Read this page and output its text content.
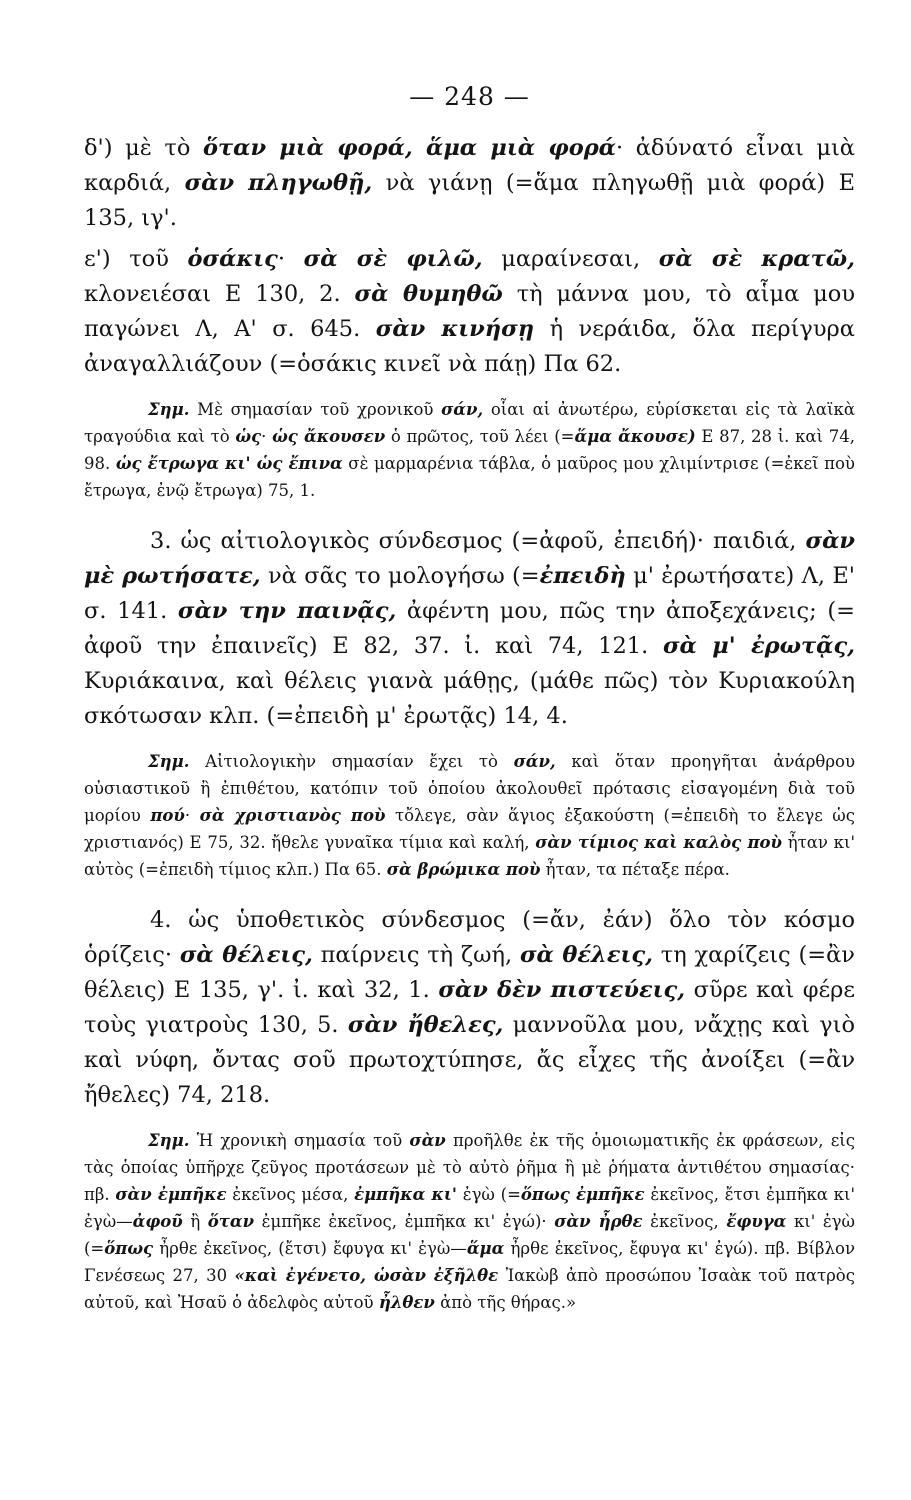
— 248 —

δ') μὲ τὸ ὅταν μιὰ φορά, ἅμα μιὰ φορά· ἀδύνατό εἶναι μιὰ καρδιά, σὰν πληγωθῇ, νὰ γιάνῃ (=ἅμα πληγωθῇ μιὰ φορά) Ε 135, ιγ'.

ε') τοῦ ὁσάκις· σὰ σὲ φιλῶ, μαραίνεσαι, σὰ σὲ κρατῶ, κλονειέσαι Ε 130, 2. σὰ θυμηθῶ τὴ μάννα μου, τὸ αἷμα μου παγώνει Λ, Α' σ. 645. σὰν κινήσῃ ἡ νεράιδα, ὅλα περίγυρα ἀναγαλλιάζουν (=ὁσάκις κινεῖ νὰ πάῃ) Πα 62.

Σημ. Μὲ σημασίαν τοῦ χρονικοῦ σάν, οἷαι αἱ ἀνωτέρω, εὑρίσκεται εἰς τὰ λαϊκὰ τραγούδια καὶ τὸ ὡς· ὡς ἄκουσεν ὁ πρῶτος, τοῦ λέει (=ἅμα ἄκουσε) Ε 87, 28 ἰ. καὶ 74, 98. ὡς ἔτρωγα κι' ὡς ἔπινα σὲ μαρμαρένια τάβλα, ὁ μαῦρος μου χλιμίντρισε (=ἐκεῖ ποὺ ἔτρωγα, ἐνῷ ἔτρωγα) 75, 1.

3. ὡς αἰτιολογικὸς σύνδεσμος (=ἀφοῦ, ἐπειδή)· παιδιά, σὰν μὲ ρωτήσατε, νὰ σᾶς το μολογήσω (=ἐπειδὴ μ' ἐρωτήσατε) Λ, Ε' σ. 141. σὰν την παινᾷς, ἀφέντη μου, πῶς την ἀποξεχάνεις; (= ἀφοῦ την ἐπαινεῖς) Ε 82, 37. ἰ. καὶ 74, 121. σὰ μ' ἐρωτᾷς, Κυριάκαινα, καὶ θέλεις γιανὰ μάθῃς, (μάθε πῶς) τὸν Κυριακούλη σκότωσαν κλπ. (=ἐπειδὴ μ' ἐρωτᾷς) 14, 4.

Σημ. Αἰτιολογικὴν σημασίαν ἔχει τὸ σάν, καὶ ὅταν προηγῆται ἀνάρθρου οὐσιαστικοῦ ἢ ἐπιθέτου, κατόπιν τοῦ ὁποίου ἀκολουθεῖ πρότασις εἰσαγομένη διὰ τοῦ μορίου πού· σὰ χριστιανὸς ποὺ τὄλεγε, σὰν ἅγιος ἐξακούστη (=ἐπειδὴ το ἔλεγε ὡς χριστιανός) Ε 75, 32. ἤθελε γυναῖκα τίμια καὶ καλή, σὰν τίμιος καὶ καλὸς ποὺ ἦταν κι' αὐτὸς (=ἐπειδὴ τίμιος κλπ.) Πα 65. σὰ βρώμικα ποὺ ἦταν, τα πέταξε πέρα.

4. ὡς ὑποθετικὸς σύνδεσμος (=ἄν, ἐάν) ὅλο τὸν κόσμο ὁρίζεις· σὰ θέλεις, παίρνεις τὴ ζωή, σὰ θέλεις, τη χαρίζεις (=ἂν θέλεις) Ε 135, γ'. ἰ. καὶ 32, 1. σὰν δὲν πιστεύεις, σῦρε καὶ φέρε τοὺς γιατροὺς 130, 5. σὰν ἤθελες, μαννοῦλα μου, νἄχῃς καὶ γιὸ καὶ νύφη, ὄντας σοῦ πρωτοχτύπησε, ἄς εἶχες τῆς ἀνοίξει (=ἂν ἤθελες) 74, 218.

Σημ. Ἡ χρονικὴ σημασία τοῦ σὰν προῆλθε ἐκ τῆς ὁμοιωματικῆς ἐκ φράσεων, εἰς τὰς ὁποίας ὑπῆρχε ζεῦγος προτάσεων μὲ τὸ αὐτὸ ῥῆμα ἢ μὲ ῥήματα ἀντιθέτου σημασίας· πβ. σὰν ἐμπῆκε ἐκεῖνος μέσα, ἐμπῆκα κι' ἐγὼ (=ὅπως ἐμπῆκε ἐκεῖνος, ἔτσι ἐμπῆκα κι' ἐγὼ—ἀφοῦ ἢ ὅταν ἐμπῆκε ἐκεῖνος, ἐμπῆκα κι' ἐγώ)· σὰν ἦρθε ἐκεῖνος, ἔφυγα κι' ἐγὼ (=ὅπως ἦρθε ἐκεῖνος, (ἔτσι) ἔφυγα κι' ἐγὼ—ἅμα ἦρθε ἐκεῖνος, ἔφυγα κι' ἐγώ). πβ. Βίβλον Γενέσεως 27, 30 «καὶ ἐγένετο, ὡσὰν ἐξῆλθε Ἰακὼβ ἀπὸ προσώπου Ἰσαὰκ τοῦ πατρὸς αὐτοῦ, καὶ Ἠσαῦ ὁ ἀδελφὸς αὐτοῦ ἦλθεν ἀπὸ τῆς θήρας.»
